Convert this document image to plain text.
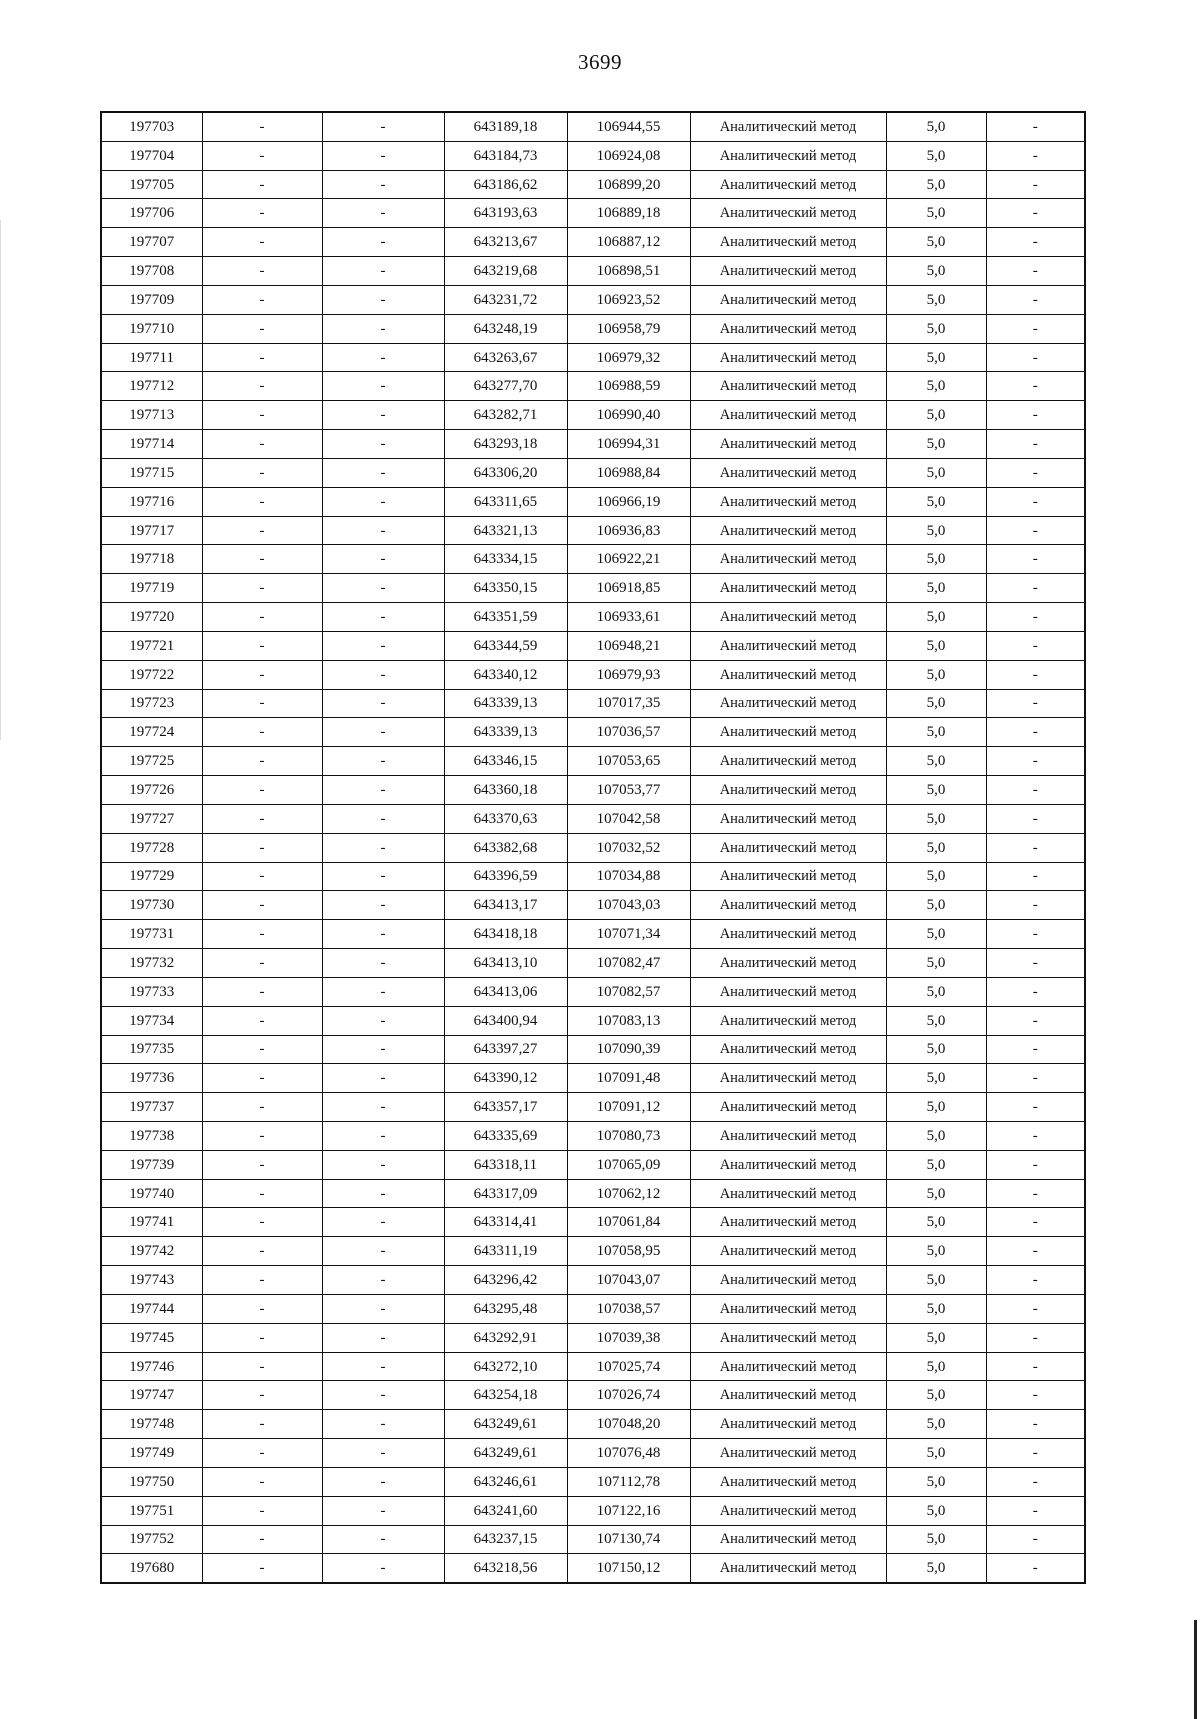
3699
197703	-	-	643189,18	106944,55	Аналитический метод	5,0	-
197704	-	-	643184,73	106924,08	Аналитический метод	5,0	-
197705	-	-	643186,62	106899,20	Аналитический метод	5,0	-
197706	-	-	643193,63	106889,18	Аналитический метод	5,0	-
197707	-	-	643213,67	106887,12	Аналитический метод	5,0	-
197708	-	-	643219,68	106898,51	Аналитический метод	5,0	-
197709	-	-	643231,72	106923,52	Аналитический метод	5,0	-
197710	-	-	643248,19	106958,79	Аналитический метод	5,0	-
197711	-	-	643263,67	106979,32	Аналитический метод	5,0	-
197712	-	-	643277,70	106988,59	Аналитический метод	5,0	-
197713	-	-	643282,71	106990,40	Аналитический метод	5,0	-
197714	-	-	643293,18	106994,31	Аналитический метод	5,0	-
197715	-	-	643306,20	106988,84	Аналитический метод	5,0	-
197716	-	-	643311,65	106966,19	Аналитический метод	5,0	-
197717	-	-	643321,13	106936,83	Аналитический метод	5,0	-
197718	-	-	643334,15	106922,21	Аналитический метод	5,0	-
197719	-	-	643350,15	106918,85	Аналитический метод	5,0	-
197720	-	-	643351,59	106933,61	Аналитический метод	5,0	-
197721	-	-	643344,59	106948,21	Аналитический метод	5,0	-
197722	-	-	643340,12	106979,93	Аналитический метод	5,0	-
197723	-	-	643339,13	107017,35	Аналитический метод	5,0	-
197724	-	-	643339,13	107036,57	Аналитический метод	5,0	-
197725	-	-	643346,15	107053,65	Аналитический метод	5,0	-
197726	-	-	643360,18	107053,77	Аналитический метод	5,0	-
197727	-	-	643370,63	107042,58	Аналитический метод	5,0	-
197728	-	-	643382,68	107032,52	Аналитический метод	5,0	-
197729	-	-	643396,59	107034,88	Аналитический метод	5,0	-
197730	-	-	643413,17	107043,03	Аналитический метод	5,0	-
197731	-	-	643418,18	107071,34	Аналитический метод	5,0	-
197732	-	-	643413,10	107082,47	Аналитический метод	5,0	-
197733	-	-	643413,06	107082,57	Аналитический метод	5,0	-
197734	-	-	643400,94	107083,13	Аналитический метод	5,0	-
197735	-	-	643397,27	107090,39	Аналитический метод	5,0	-
197736	-	-	643390,12	107091,48	Аналитический метод	5,0	-
197737	-	-	643357,17	107091,12	Аналитический метод	5,0	-
197738	-	-	643335,69	107080,73	Аналитический метод	5,0	-
197739	-	-	643318,11	107065,09	Аналитический метод	5,0	-
197740	-	-	643317,09	107062,12	Аналитический метод	5,0	-
197741	-	-	643314,41	107061,84	Аналитический метод	5,0	-
197742	-	-	643311,19	107058,95	Аналитический метод	5,0	-
197743	-	-	643296,42	107043,07	Аналитический метод	5,0	-
197744	-	-	643295,48	107038,57	Аналитический метод	5,0	-
197745	-	-	643292,91	107039,38	Аналитический метод	5,0	-
197746	-	-	643272,10	107025,74	Аналитический метод	5,0	-
197747	-	-	643254,18	107026,74	Аналитический метод	5,0	-
197748	-	-	643249,61	107048,20	Аналитический метод	5,0	-
197749	-	-	643249,61	107076,48	Аналитический метод	5,0	-
197750	-	-	643246,61	107112,78	Аналитический метод	5,0	-
197751	-	-	643241,60	107122,16	Аналитический метод	5,0	-
197752	-	-	643237,15	107130,74	Аналитический метод	5,0	-
197680	-	-	643218,56	107150,12	Аналитический метод	5,0	-
